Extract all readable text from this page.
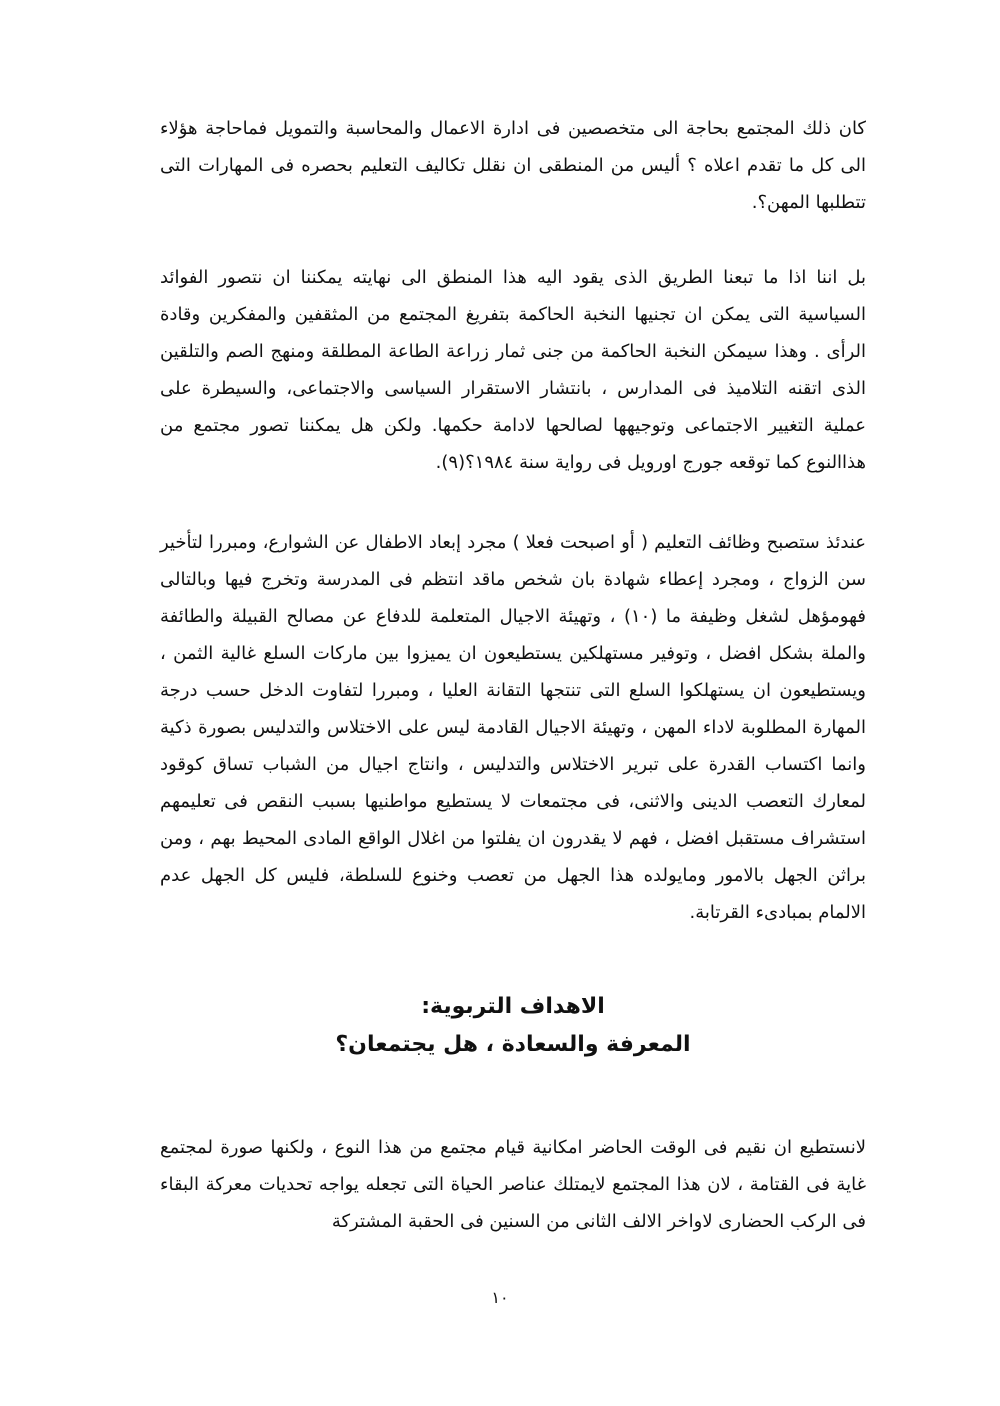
كان ذلك المجتمع بحاجة الى متخصصين فى ادارة الاعمال والمحاسبة والتمويل فماحاجة هؤلاء الى كل ما تقدم اعلاه ؟ أليس من المنطقى ان نقلل تكاليف التعليم بحصره فى المهارات التى تتطلبها المهن؟.

بل اننا اذا ما تبعنا الطريق الذى يقود اليه هذا المنطق الى نهايته يمكننا ان نتصور الفوائد السياسية التى يمكن ان تجنيها النخبة الحاكمة بتفريغ المجتمع من المثقفين والمفكرين وقادة الرأى . وهذا سيمكن النخبة الحاكمة من جنى ثمار زراعة الطاعة المطلقة ومنهج الصم والتلقين الذى اتقنه التلاميذ فى المدارس ، بانتشار الاستقرار السياسى والاجتماعى، والسيطرة على عملية التغيير الاجتماعى وتوجيهها لصالحها لادامة حكمها. ولكن هل يمكننا تصور مجتمع من هذاالنوع كما توقعه جورج اورويل فى رواية سنة ١٩٨٤؟(٩).

عندئذ ستصبح وظائف التعليم ( أو اصبحت فعلا ) مجرد إبعاد الاطفال عن الشوارع، ومبررا لتأخير سن الزواج ، ومجرد إعطاء شهادة بان شخص ماقد انتظم فى المدرسة وتخرج فيها وبالتالى فهومؤهل لشغل وظيفة ما (١٠) ، وتهيئة الاجيال المتعلمة للدفاع عن مصالح القبيلة والطائفة والملة بشكل افضل ، وتوفير مستهلكين يستطيعون ان يميزوا بين ماركات السلع غالية الثمن ، ويستطيعون ان يستهلكوا السلع التى تنتجها التقانة العليا ، ومبررا لتفاوت الدخل حسب درجة المهارة المطلوبة لاداء المهن ، وتهيئة الاجيال القادمة ليس على الاختلاس والتدليس بصورة ذكية وانما اكتساب القدرة على تبرير الاختلاس والتدليس ، وانتاج اجيال من الشباب تساق كوقود لمعارك التعصب الدينى والاثنى، فى مجتمعات لا يستطيع مواطنيها بسبب النقص فى تعليمهم استشراف مستقبل افضل ، فهم لا يقدرون ان يفلتوا من اغلال الواقع المادى المحيط بهم ، ومن براثن الجهل بالامور ومايولده هذا الجهل من تعصب وخنوع للسلطة، فليس كل الجهل عدم الالمام بمبادىء القرتابة.

الاهداف التربوية:
المعرفة والسعادة ، هل يجتمعان؟

لانستطيع ان نقيم فى الوقت الحاضر امكانية قيام مجتمع من هذا النوع ، ولكنها صورة لمجتمع غاية فى القتامة ، لان هذا المجتمع لايمتلك عناصر الحياة التى تجعله يواجه تحديات معركة البقاء فى الركب الحضارى لاواخر الالف الثانى من السنين فى الحقبة المشتركة

١٠
